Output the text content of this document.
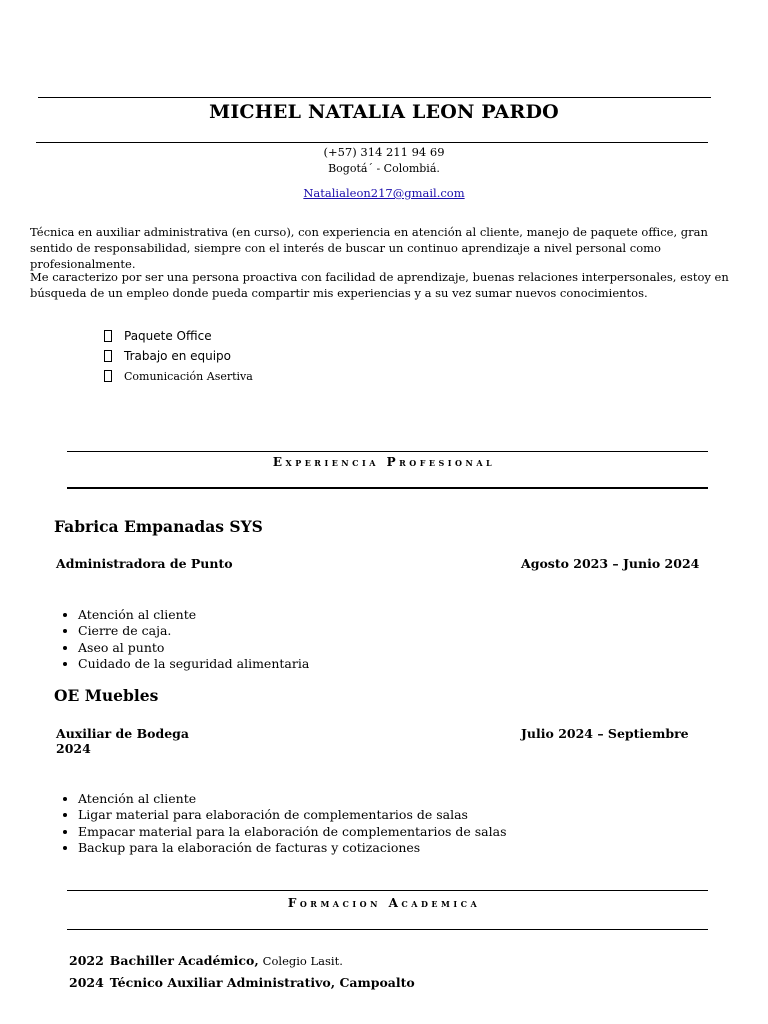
MICHEL NATALIA LEON PARDO
(+57) 314 211 94 69
Bogotá´ - Colombiá.
Natalialeon217@gmail.com
Técnica en auxiliar administrativa (en curso), con experiencia en atención al cliente, manejo de paquete office, gran sentido de responsabilidad, siempre con el interés de buscar un continuo aprendizaje a nivel personal como profesionalmente.
Me caracterizo por ser una persona proactiva con facilidad de aprendizaje, buenas relaciones interpersonales, estoy en búsqueda de un empleo donde pueda compartir mis experiencias y a su vez sumar nuevos conocimientos.
Paquete Office
Trabajo en equipo
Comunicación Asertiva
Experiencia Profesional
Fabrica Empanadas SYS
Administradora de Punto	Agosto 2023 – Junio 2024
• Atención al cliente
• Cierre de caja.
• Aseo al punto
• Cuidado de la seguridad alimentaria
OE Muebles
Auxiliar de Bodega
2024
Julio 2024 – Septiembre
• Atención al cliente
• Ligar material para elaboración de complementarios de salas
• Empacar material para la elaboración de complementarios de salas
• Backup para la elaboración de facturas y cotizaciones
Formacion Academica
2022 Bachiller Académico, Colegio Lasit.
2024 Técnico Auxiliar Administrativo, Campoalto
